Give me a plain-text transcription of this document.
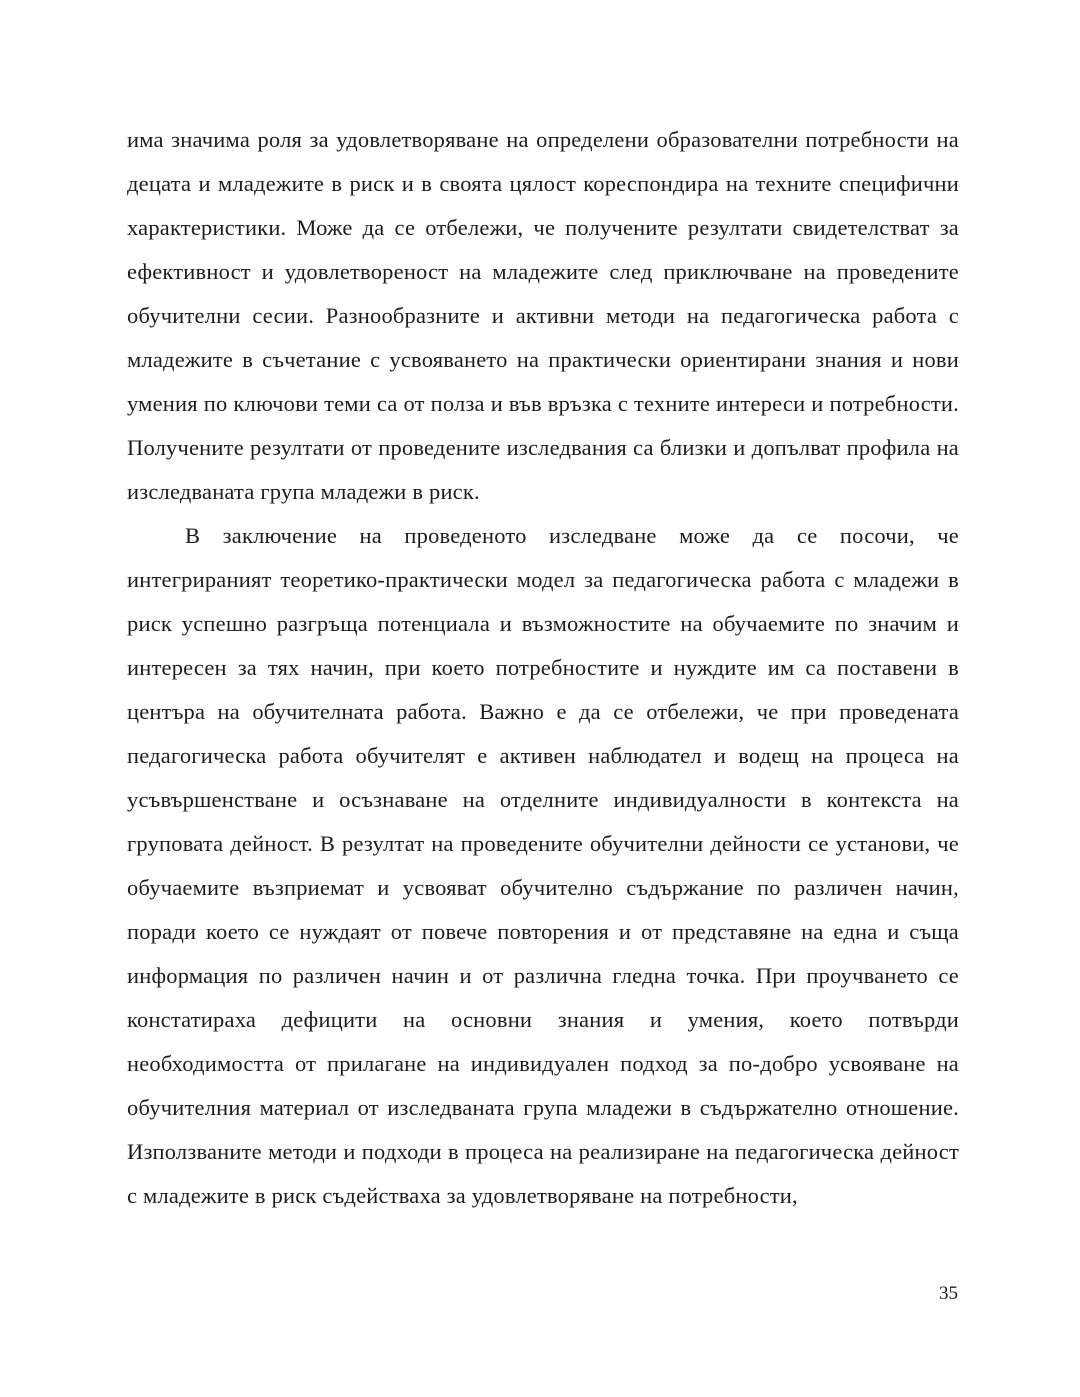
има значима роля за удовлетворяване на определени образователни потребности на децата и младежите в риск и в своята цялост кореспондира на техните специфични характеристики. Може да се отбележи, че получените резултати свидетелстват за ефективност и удовлетвореност на младежите след приключване на проведените обучителни сесии. Разнообразните и активни методи на педагогическа работа с младежите в съчетание с усвояването на практически ориентирани знания и нови умения по ключови теми са от полза и във връзка с техните интереси и потребности. Получените резултати от проведените изследвания са близки и допълват профила на изследваната група младежи в риск.

В заключение на проведеното изследване може да се посочи, че интегрираният теоретико-практически модел за педагогическа работа с младежи в риск успешно разгръща потенциала и възможностите на обучаемите по значим и интересен за тях начин, при което потребностите и нуждите им са поставени в центъра на обучителната работа. Важно е да се отбележи, че при проведената педагогическа работа обучителят е активен наблюдател и водещ на процеса на усъвършенстване и осъзнаване на отделните индивидуалности в контекста на груповата дейност. В резултат на проведените обучителни дейности се установи, че обучаемите възприемат и усвояват обучително съдържание по различен начин, поради което се нуждаят от повече повторения и от представяне на една и съща информация по различен начин и от различна гледна точка. При проучването се констатираха дефицити на основни знания и умения, което потвърди необходимостта от прилагане на индивидуален подход за по-добро усвояване на обучителния материал от изследваната група младежи в съдържателно отношение. Използваните методи и подходи в процеса на реализиране на педагогическа дейност с младежите в риск съдействаха за удовлетворяване на потребности,

35
